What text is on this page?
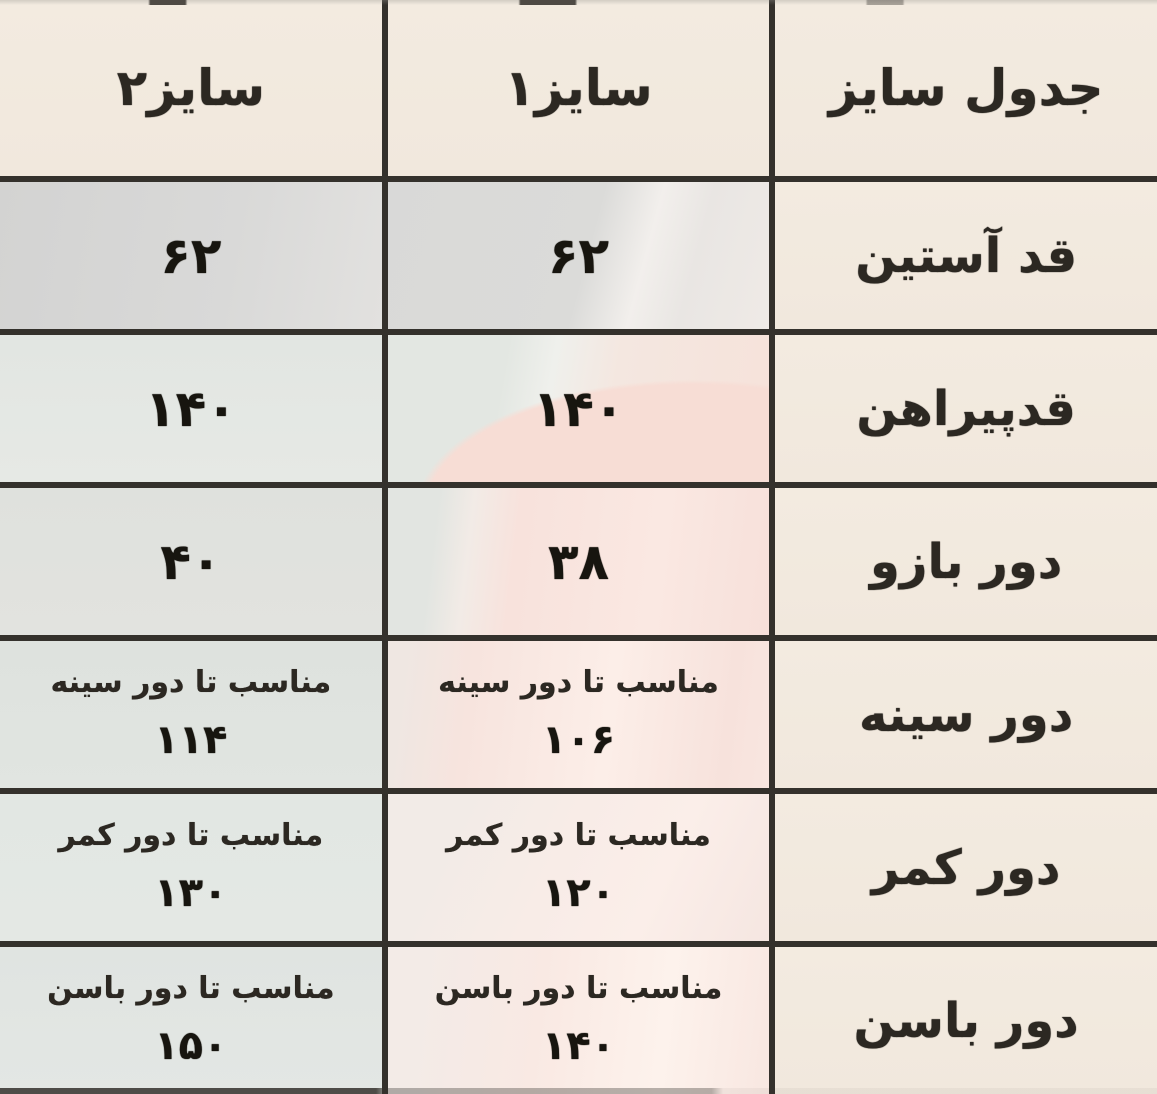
جدول سایز
سایز۱
سایز۲
قد آستین
۶۲
۶۲
قدپیراهن
۱۴۰
۱۴۰
دور بازو
۳۸
۴۰
دور سینه
مناسب تا دور سینه
۱۰۶
مناسب تا دور سینه
۱۱۴
دور کمر
مناسب تا دور کمر
۱۲۰
مناسب تا دور کمر
۱۳۰
دور باسن
مناسب تا دور باسن
۱۴۰
مناسب تا دور باسن
۱۵۰
